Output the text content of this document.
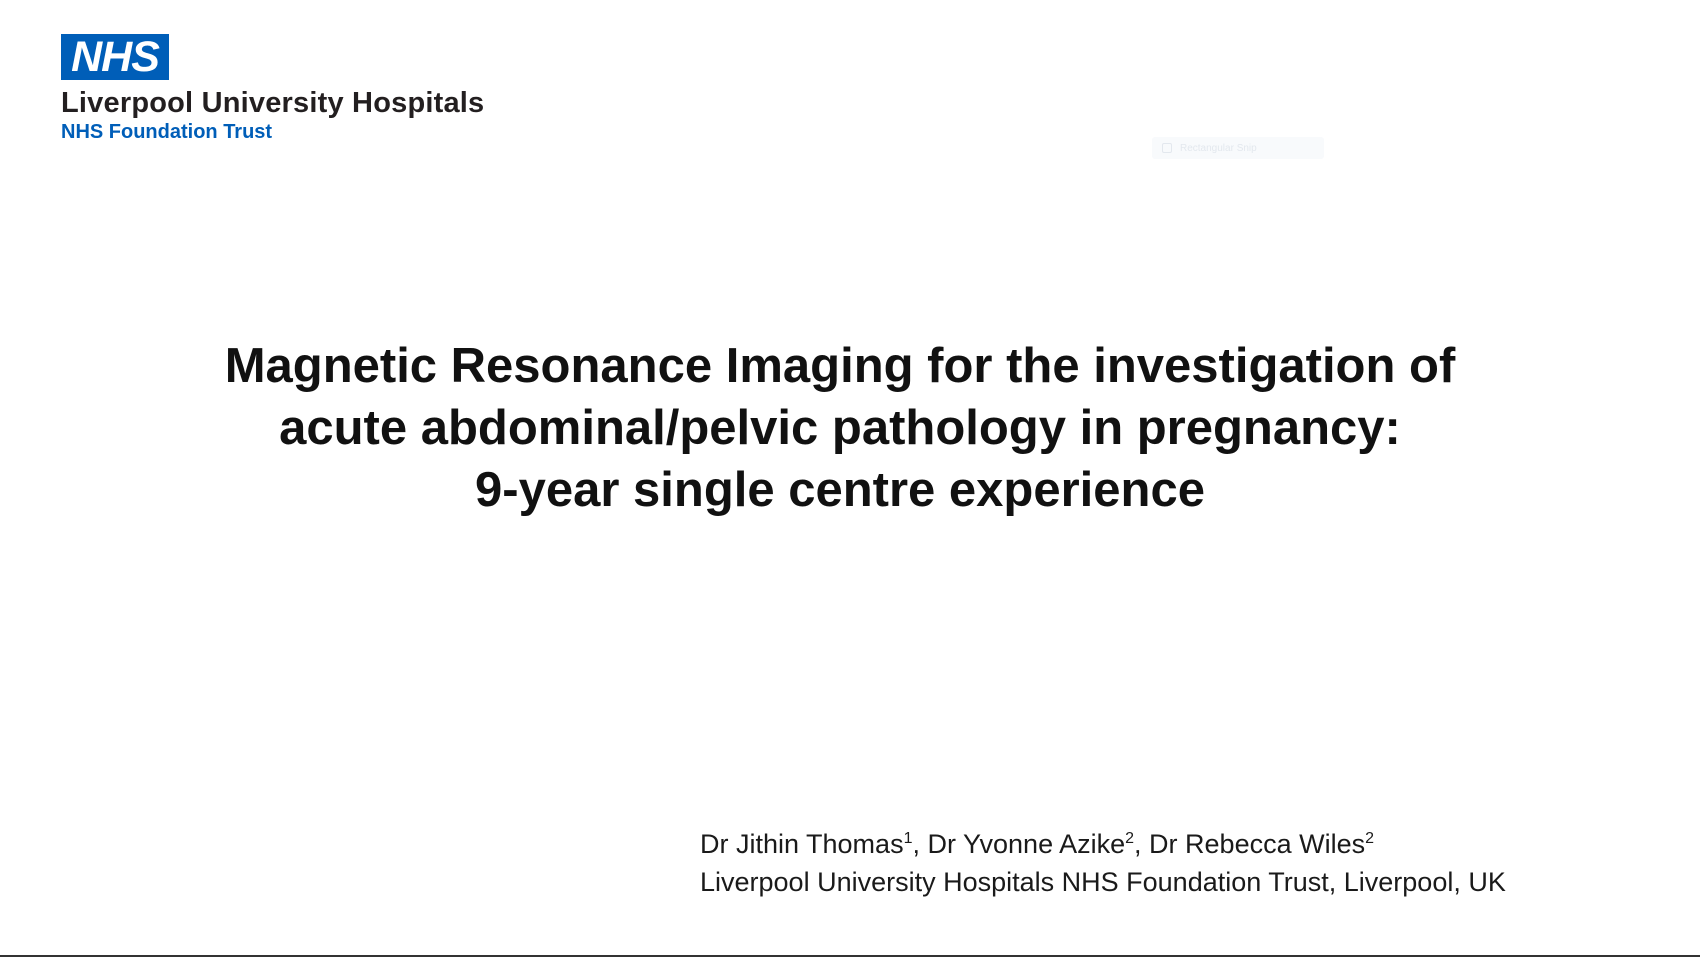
NHS
Liverpool University Hospitals
NHS Foundation Trust
Rectangular Snip
Magnetic Resonance Imaging for the investigation of
acute abdominal/pelvic pathology in pregnancy:
9-year single centre experience
Dr Jithin Thomas$^1$, Dr Yvonne Azike$^2$, Dr Rebecca Wiles$^2$
Liverpool University Hospitals NHS Foundation Trust, Liverpool, UK
